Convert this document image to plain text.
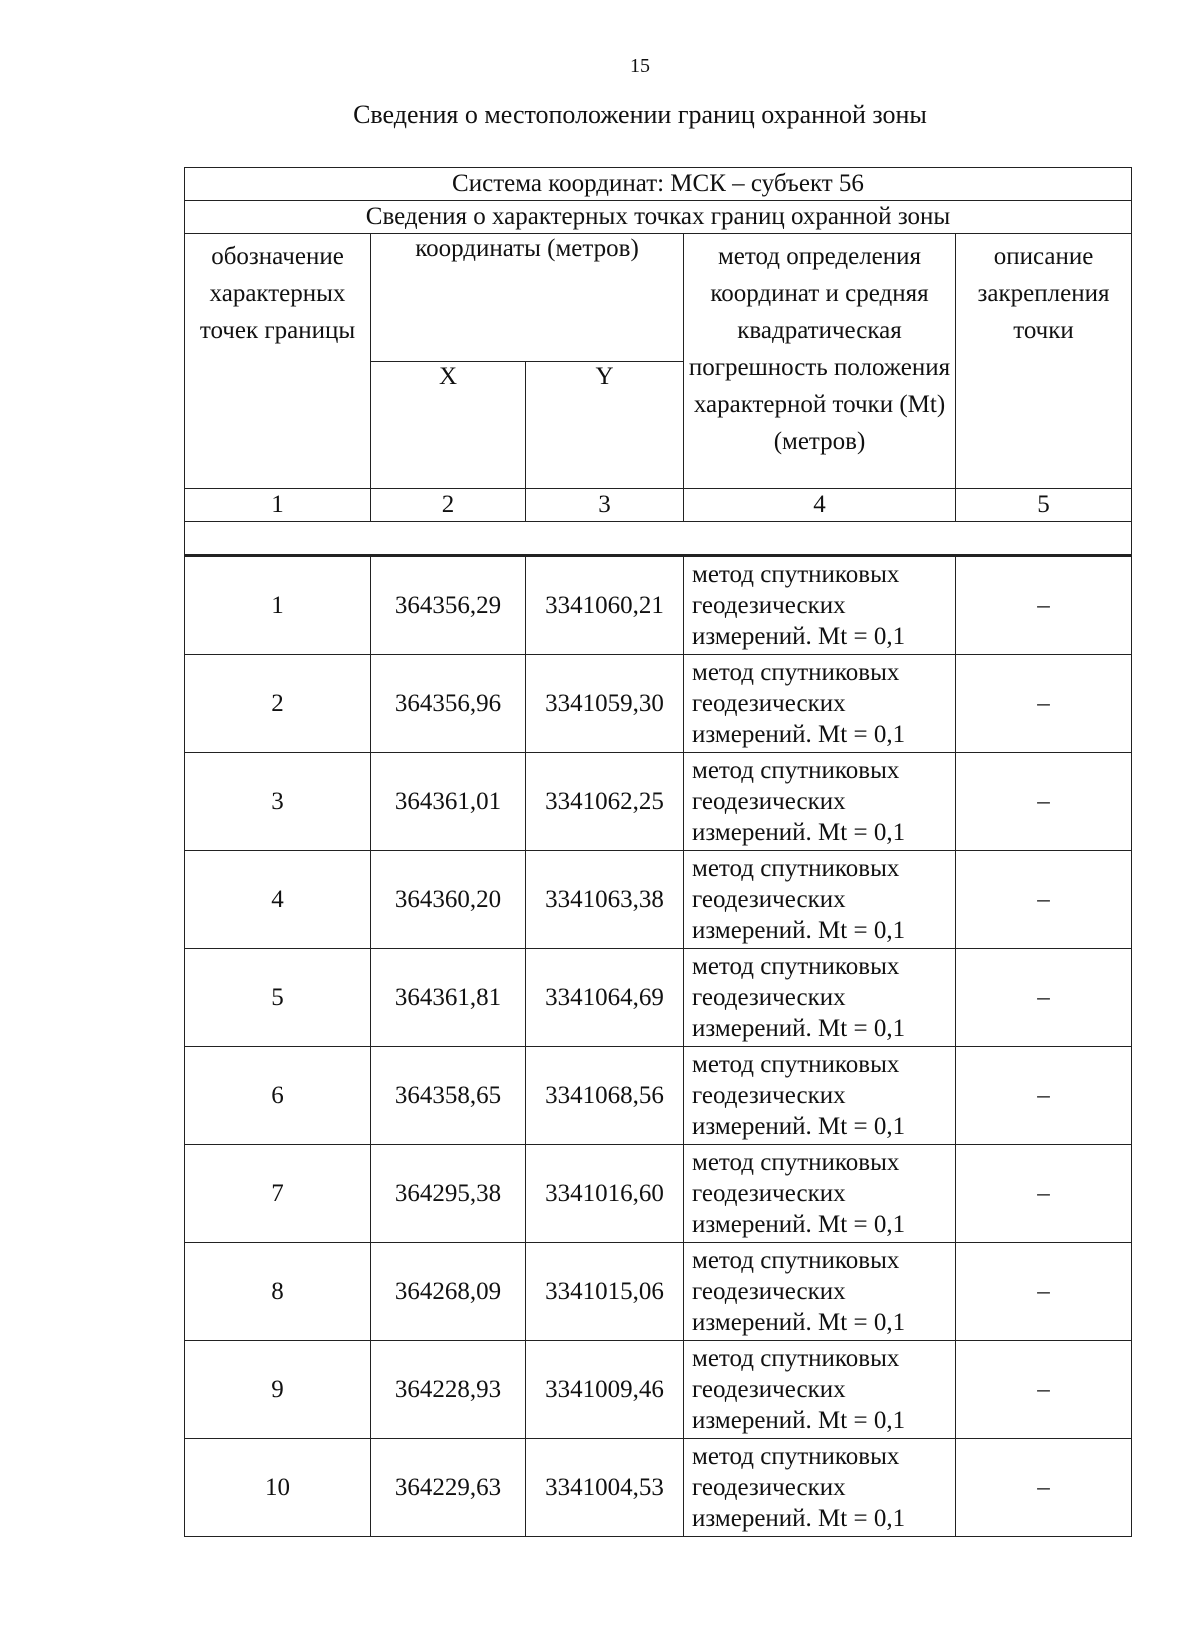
15
Сведения о местоположении границ охранной зоны
Система координат: МСК – субъект 56				
Сведения о характерных точках границ охранной зоны				
обозначение характерных точек границы	координаты (метров)		метод определения координат и средняя квадратическая погрешность положения характерной точки (Mt) (метров)	описание закрепления точки
	X	Y		
1	2	3	4	5

1	364356,29	3341060,21	метод спутниковых геодезических измерений. Mt = 0,1	–
2	364356,96	3341059,30	метод спутниковых геодезических измерений. Mt = 0,1	–
3	364361,01	3341062,25	метод спутниковых геодезических измерений. Mt = 0,1	–
4	364360,20	3341063,38	метод спутниковых геодезических измерений. Mt = 0,1	–
5	364361,81	3341064,69	метод спутниковых геодезических измерений. Mt = 0,1	–
6	364358,65	3341068,56	метод спутниковых геодезических измерений. Mt = 0,1	–
7	364295,38	3341016,60	метод спутниковых геодезических измерений. Mt = 0,1	–
8	364268,09	3341015,06	метод спутниковых геодезических измерений. Mt = 0,1	–
9	364228,93	3341009,46	метод спутниковых геодезических измерений. Mt = 0,1	–
10	364229,63	3341004,53	метод спутниковых геодезических измерений. Mt = 0,1	–
